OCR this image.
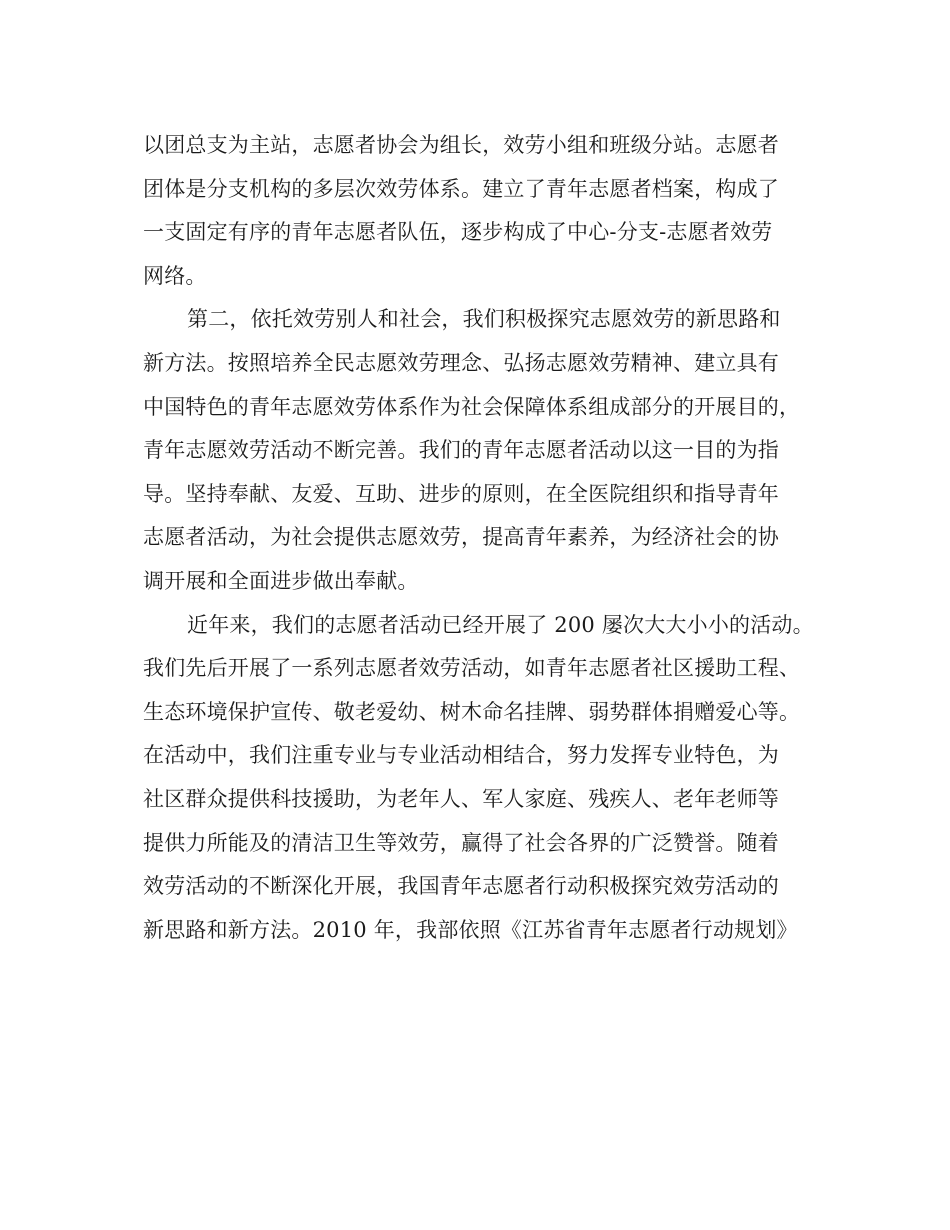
以团总支为主站，志愿者协会为组长，效劳小组和班级分站。志愿者
团体是分支机构的多层次效劳体系。建立了青年志愿者档案，构成了
一支固定有序的青年志愿者队伍，逐步构成了中心-分支-志愿者效劳
网络。
第二，依托效劳别人和社会，我们积极探究志愿效劳的新思路和
新方法。按照培养全民志愿效劳理念、弘扬志愿效劳精神、建立具有
中国特色的青年志愿效劳体系作为社会保障体系组成部分的开展目的，
青年志愿效劳活动不断完善。我们的青年志愿者活动以这一目的为指
导。坚持奉献、友爱、互助、进步的原则，在全医院组织和指导青年
志愿者活动，为社会提供志愿效劳，提高青年素养，为经济社会的协
调开展和全面进步做出奉献。
近年来，我们的志愿者活动已经开展了 200 屡次大大小小的活动。
我们先后开展了一系列志愿者效劳活动，如青年志愿者社区援助工程、
生态环境保护宣传、敬老爱幼、树木命名挂牌、弱势群体捐赠爱心等。
在活动中，我们注重专业与专业活动相结合，努力发挥专业特色，为
社区群众提供科技援助，为老年人、军人家庭、残疾人、老年老师等
提供力所能及的清洁卫生等效劳，赢得了社会各界的广泛赞誉。随着
效劳活动的不断深化开展，我国青年志愿者行动积极探究效劳活动的
新思路和新方法。2010 年，我部依照《江苏省青年志愿者行动规划》
